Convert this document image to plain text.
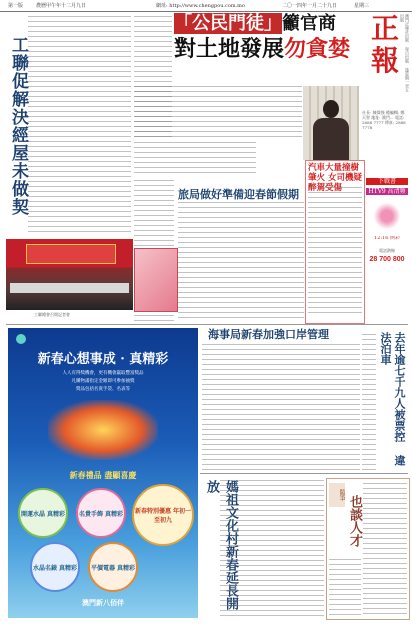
第一版	農曆甲午年十二月九日	網址: http://www.chengpou.com.mo	二〇一四年一月二十九日	星期三
工聯促解決經屋未做契
工聯總會召開記者會
「公民門徒」籲官商
對土地發展勿貪婪
正
報	澳門正報社出版 每日出版 逢星期一至五出版
社長: 陳偉強 總編輯: 鄭天智 地址: 澳門... 電話: 2888 7777 傳真: 2888 7778
旅局做好準備迎春節假期
汽車大量撞樹肇火 女司機疑醉駕受傷
下戰書
HTV9 高清頻
12:16 開彩
電話熱線
28 700 800
新春心想事成 · 真精彩
人人有得獎機會，更有機會贏取豐富獎品
凡購物滿指定金額即可參加抽獎
獎品包括名貴手袋、名表等
新春禮品 盡顯喜慶
開運水晶 真精彩	名貴手飾 真精彩	新春特別優惠 年初一至初九
水晶名錶 真精彩	平價電器 真精彩
澳門新八佰伴
海事局新春加強口岸管理	去年逾七千九人被票控 違法泊車
媽祖文化村新春延長開放
隨筆 也談人才
